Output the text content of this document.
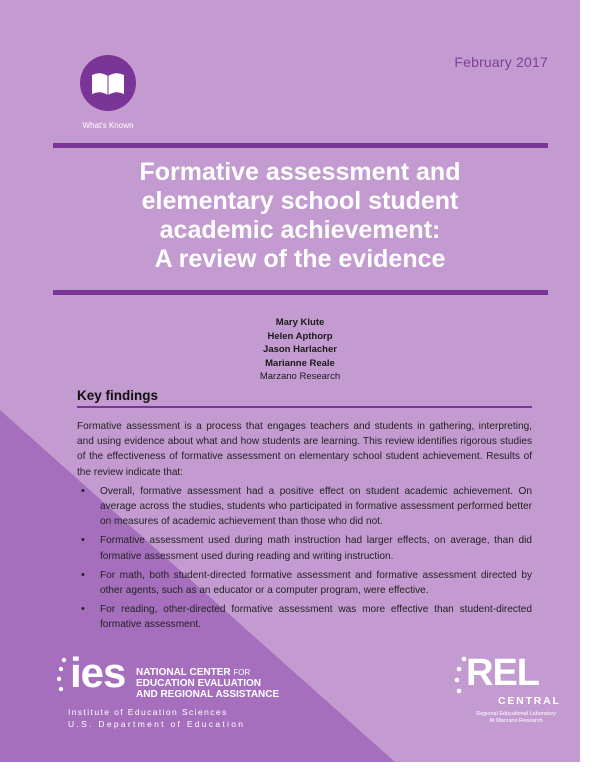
February 2017
What's Known
Formative assessment and
elementary school student
academic achievement:
A review of the evidence
Mary Klute
Helen Apthorp
Jason Harlacher
Marianne Reale
Marzano Research
Key findings
Formative assessment is a process that engages teachers and students in gathering, interpreting, and using evidence about what and how students are learning. This review identifies rigorous studies of the effectiveness of formative assessment on elementary school student achievement. Results of the review indicate that:
• Overall, formative assessment had a positive effect on student academic achievement. On average across the studies, students who participated in formative assessment performed better on measures of academic achievement than those who did not.
• Formative assessment used during math instruction had larger effects, on average, than did formative assessment used during reading and writing instruction.
• For math, both student-directed formative assessment and formative assessment directed by other agents, such as an educator or a computer program, were effective.
• For reading, other-directed formative assessment was more effective than student-directed formative assessment.
ies NATIONAL CENTER FOR
EDUCATION EVALUATION
AND REGIONAL ASSISTANCE
Institute of Education Sciences
U.S. Department of Education
REL
CENTRAL
Regional Educational Laboratory
At Marzano Research
